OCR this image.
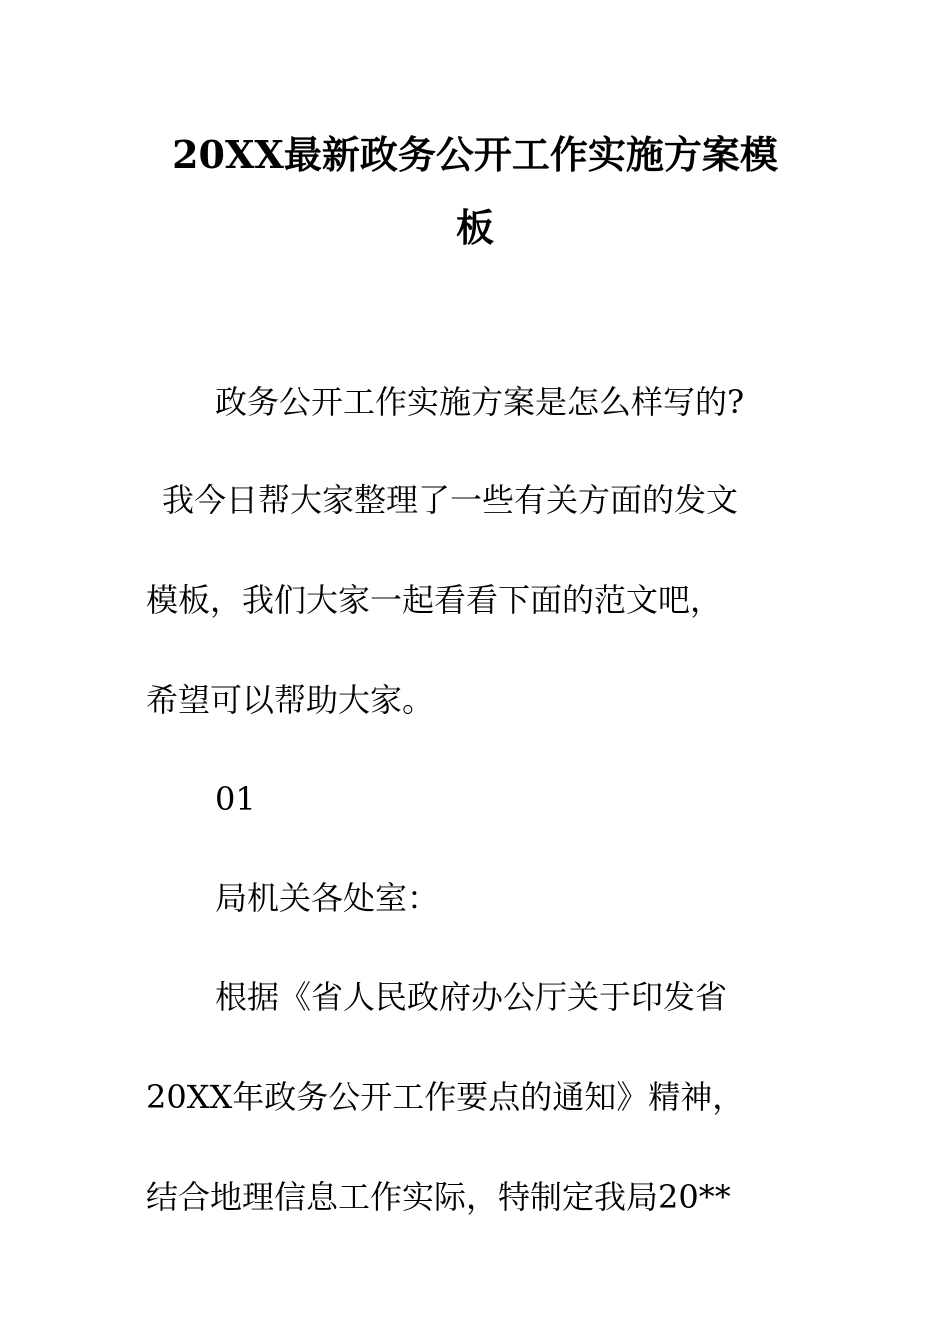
20XX最新政务公开工作实施方案模
板
政务公开工作实施方案是怎么样写的?
我今日帮大家整理了一些有关方面的发文
模板，我们大家一起看看下面的范文吧，
希望可以帮助大家。
01
局机关各处室：
根据《省人民政府办公厅关于印发省
20XX年政务公开工作要点的通知》精神，
结合地理信息工作实际，特制定我局20**
